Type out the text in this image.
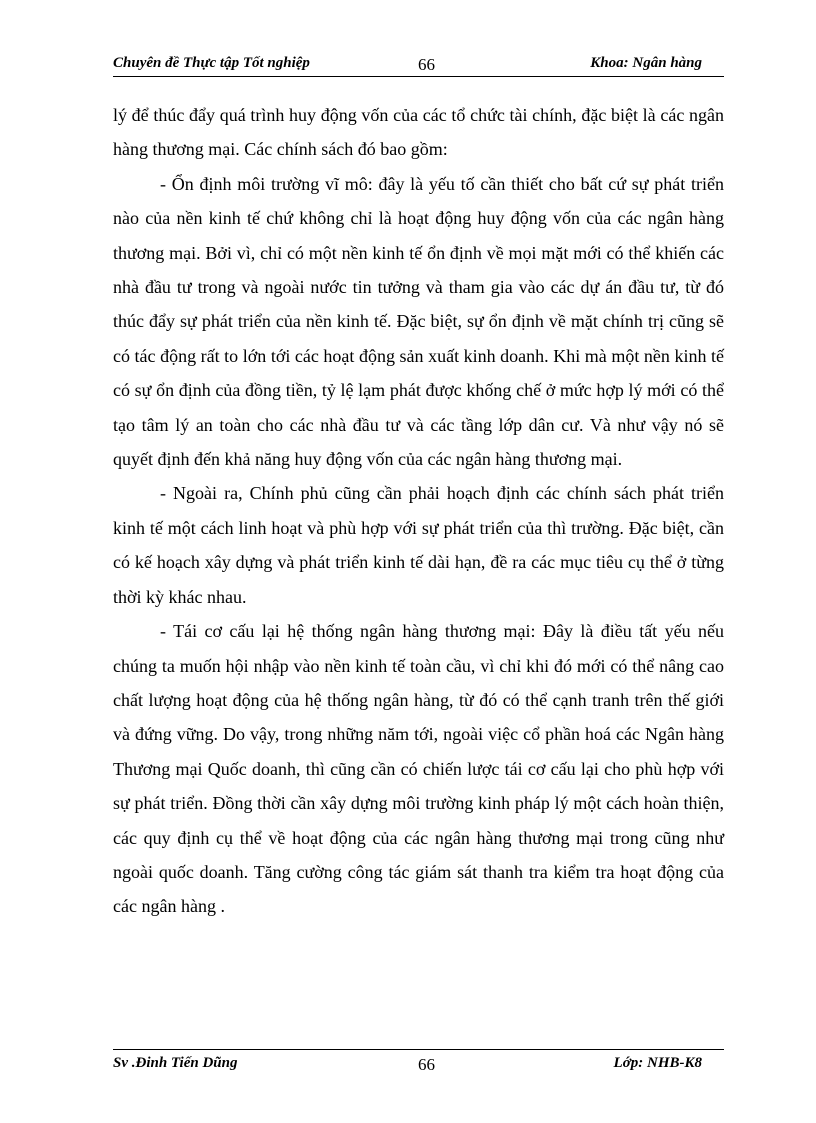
Chuyên đề Thực tập Tốt nghiệp	66	Khoa: Ngân hàng

lý để thúc đẩy quá trình huy động vốn của các tổ chức tài chính, đặc biệt là các ngân hàng thương mại. Các chính sách đó bao gồm:

- Ổn định môi trường vĩ mô: đây là yếu tố cần thiết cho bất cứ sự phát triển nào của nền kinh tế chứ không chỉ là hoạt động huy động vốn của các ngân hàng thương mại. Bởi vì, chỉ có một nền kinh tế ổn định về mọi mặt mới có thể khiến các nhà đầu tư trong và ngoài nước tin tưởng và tham gia vào các dự án đầu tư, từ đó thúc đẩy sự phát triển của nền kinh tế. Đặc biệt, sự ổn định về mặt chính trị cũng sẽ có tác động rất to lớn tới các hoạt động sản xuất kinh doanh. Khi mà một nền kinh tế có sự ổn định của đồng tiền, tỷ lệ lạm phát được khống chế ở mức hợp lý mới có thể tạo tâm lý an toàn cho các nhà đầu tư và các tầng lớp dân cư. Và như vậy nó sẽ quyết định đến khả năng huy động vốn của các ngân hàng thương mại.

- Ngoài ra, Chính phủ cũng cần phải hoạch định các chính sách phát triển kinh tế một cách linh hoạt và phù hợp với sự phát triển của thì trường. Đặc biệt, cần có kế hoạch xây dựng và phát triển kinh tế dài hạn, đề ra các mục tiêu cụ thể ở từng thời kỳ khác nhau.

- Tái cơ cấu lại hệ thống ngân hàng thương mại: Đây là điều tất yếu nếu chúng ta muốn hội nhập vào nền kinh tế toàn cầu, vì chỉ khi đó mới có thể nâng cao chất lượng hoạt động của hệ thống ngân hàng, từ đó có thể cạnh tranh trên thế giới và đứng vững. Do vậy, trong những năm tới, ngoài việc cổ phần hoá các Ngân hàng Thương mại Quốc doanh, thì cũng cần có chiến lược tái cơ cấu lại cho phù hợp với sự phát triển. Đồng thời cần xây dựng môi trường kinh pháp lý một cách hoàn thiện, các quy định cụ thể về hoạt động của các ngân hàng thương mại trong cũng như ngoài quốc doanh. Tăng cường công tác giám sát thanh tra kiểm tra hoạt động của các ngân hàng .

Sv .Đinh Tiến Dũng	66	Lớp: NHB-K8
